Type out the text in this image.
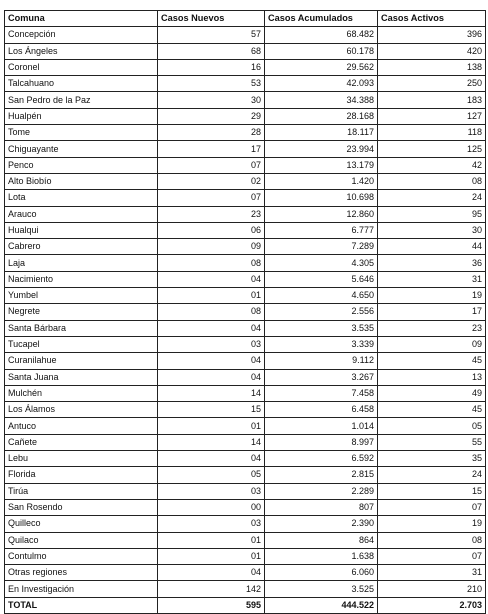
Comuna	Casos Nuevos	Casos Acumulados	Casos Activos
Concepción	57	68.482	396
Los Ángeles	68	60.178	420
Coronel	16	29.562	138
Talcahuano	53	42.093	250
San Pedro de la Paz	30	34.388	183
Hualpén	29	28.168	127
Tome	28	18.117	118
Chiguayante	17	23.994	125
Penco	07	13.179	42
Alto Biobío	02	1.420	08
Lota	07	10.698	24
Arauco	23	12.860	95
Hualqui	06	6.777	30
Cabrero	09	7.289	44
Laja	08	4.305	36
Nacimiento	04	5.646	31
Yumbel	01	4.650	19
Negrete	08	2.556	17
Santa Bárbara	04	3.535	23
Tucapel	03	3.339	09
Curanilahue	04	9.112	45
Santa Juana	04	3.267	13
Mulchén	14	7.458	49
Los Álamos	15	6.458	45
Antuco	01	1.014	05
Cañete	14	8.997	55
Lebu	04	6.592	35
Florida	05	2.815	24
Tirúa	03	2.289	15
San Rosendo	00	807	07
Quilleco	03	2.390	19
Quilaco	01	864	08
Contulmo	01	1.638	07
Otras regiones	04	6.060	31
En Investigación	142	3.525	210
TOTAL	595	444.522	2.703
